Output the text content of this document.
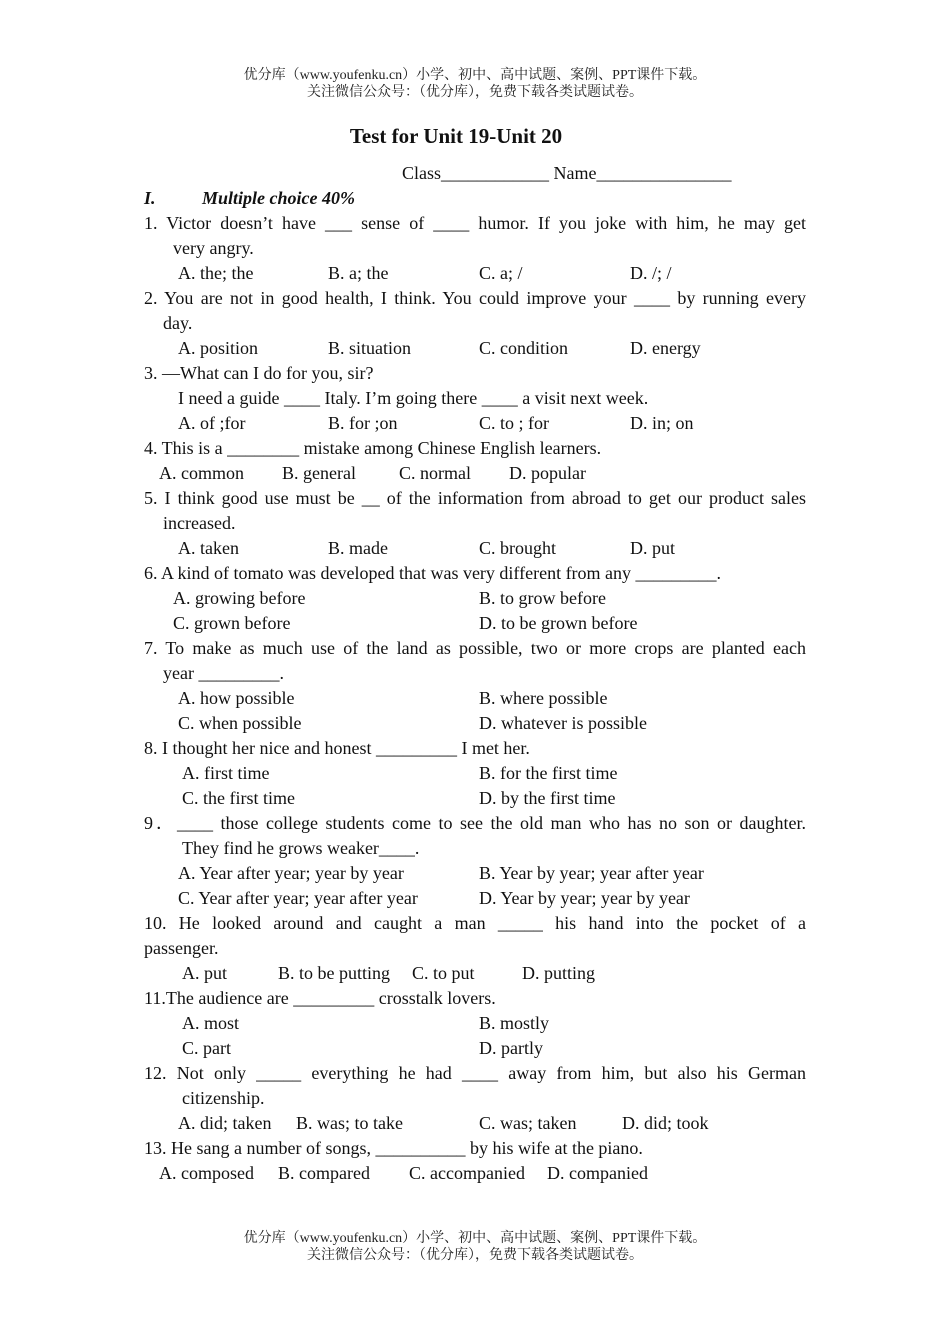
优分库（www.youfenku.cn）小学、初中、高中试题、案例、PPT课件下载。
关注微信公众号：（优分库），免费下载各类试题试卷。
Test for Unit 19-Unit 20
Class____________ Name_______________
I.	Multiple choice 40%
1. Victor doesn’t have ___ sense of ____ humor. If you joke with him, he may get
very angry.
A. the; the	B. a; the	C. a; /	D. /; /
2. You are not in good health, I think. You could improve your ____ by running every
day.
A. position	B. situation	C. condition	D. energy
3. —What can I do for you, sir?
I need a guide ____ Italy. I’m going there ____ a visit next week.
A. of ;for	B. for ;on	C. to ; for	D. in; on
4. This is a ________ mistake among Chinese English learners.
A. common B. general C. normal D. popular
5. I think good use must be __ of the information from abroad to get our product sales
increased.
A. taken	B. made	C. brought	D. put
6. A kind of tomato was developed that was very different from any _________.
A. growing before	B. to grow before
C. grown before	D. to be grown before
7. To make as much use of the land as possible, two or more crops are planted each
year _________.
A. how possible	B. where possible
C. when possible	D. whatever is possible
8. I thought her nice and honest _________ I met her.
A. first time	B. for the first time
C. the first time	D. by the first time
9．____ those college students come to see the old man who has no son or daughter.
They find he grows weaker____.
A. Year after year; year by year	B. Year by year; year after year
C. Year after year; year after year	D. Year by year; year by year
10. He looked around and caught a man _____ his hand into the pocket of a
passenger.
A. put	B. to be putting C. to put	D. putting
11.The audience are _________ crosstalk lovers.
A. most	B. mostly
C. part	D. partly
12. Not only _____ everything he had ____ away from him, but also his German
citizenship.
A. did; taken B. was; to take	C. was; taken	D. did; took
13. He sang a number of songs, __________ by his wife at the piano.
A. composed B. compared C. accompanied D. companied
优分库（www.youfenku.cn）小学、初中、高中试题、案例、PPT课件下载。
关注微信公众号：（优分库），免费下载各类试题试卷。
